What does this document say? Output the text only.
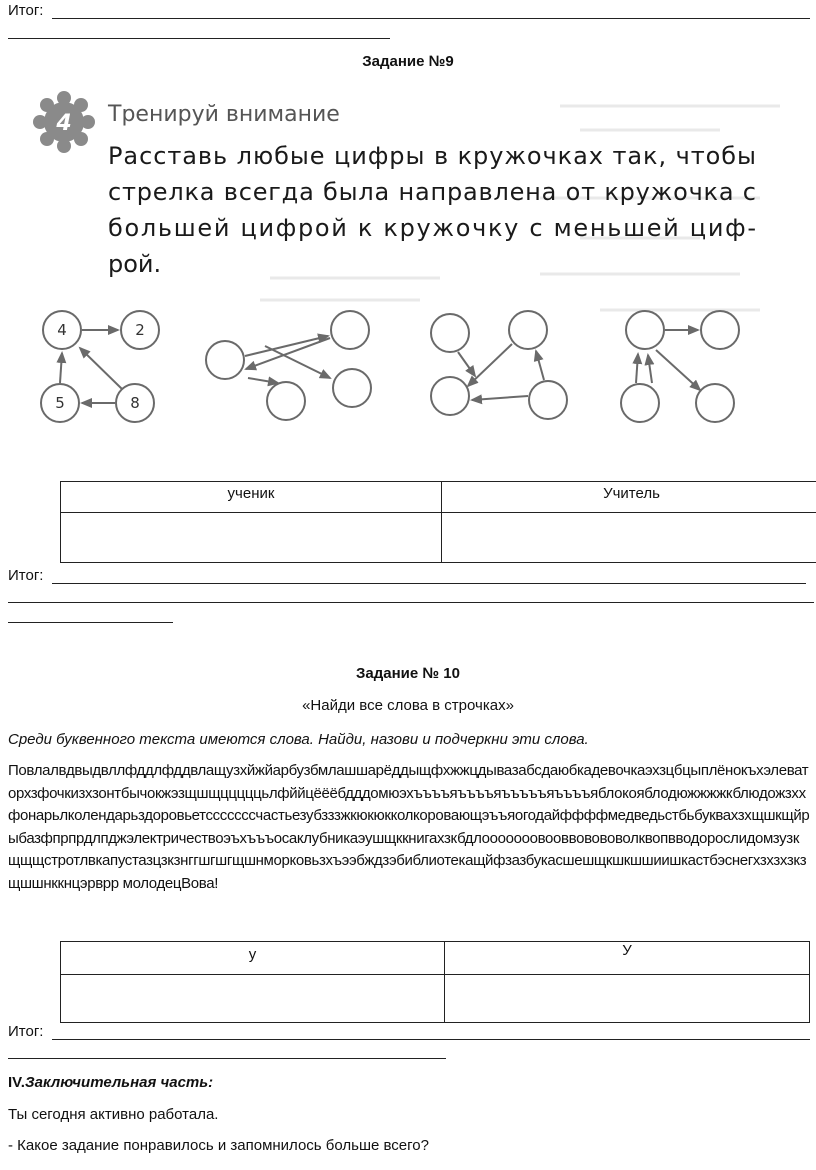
Итог:
Задание №9
4 Тренируй внимание
Расставь любые цифры в кружочках так, чтобы
стрелка всегда была направлена от кружочка с
большей цифрой к кружочку с меньшей циф-
рой.
4	2
5	8
ученик	Учитель

Итог:
Задание № 10
«Найди все слова в строчках»
Среди буквенного текста имеются слова. Найди, назови и подчеркни эти слова.
Повлалвдвыдвллфддлфддвлащузхйжйарбузбмлашшарёддыщфхжжцдывазабсдаюбкадевочкаэхзцбцыплёнокъхэлеваторхзфочкизхзонтбычокжэзщшщцццццьлфййцёёёбдддомюэхъъъъяъъъъяъъъъъяъъъъяблокояблодюжжжжкблюдожзххфонарьлколендарьздоровьетсссссссчастьезубзззжкюкюкколкоровающэъъяогодайффффмедведьстбьбуквахзхщшкщйрыбазфпрпрдлпджэлектричествоэъхъъъосаклубникаэушщккнигахзкбдлооооооовооввовововолквопвводорослидомзузкщщщстротлвкапустазцзкзнггшгшгщшнморковьзхъээбждзэбиблиотекащйфзазбукасшешщкшкшшиишкастбэснегхзхзхзкзщшшнккнцэрврр молодецВова!
у	У

Итог:
IV.Заключительная часть:
Ты сегодня активно работала.
- Какое задание понравилось и запомнилось больше всего?
